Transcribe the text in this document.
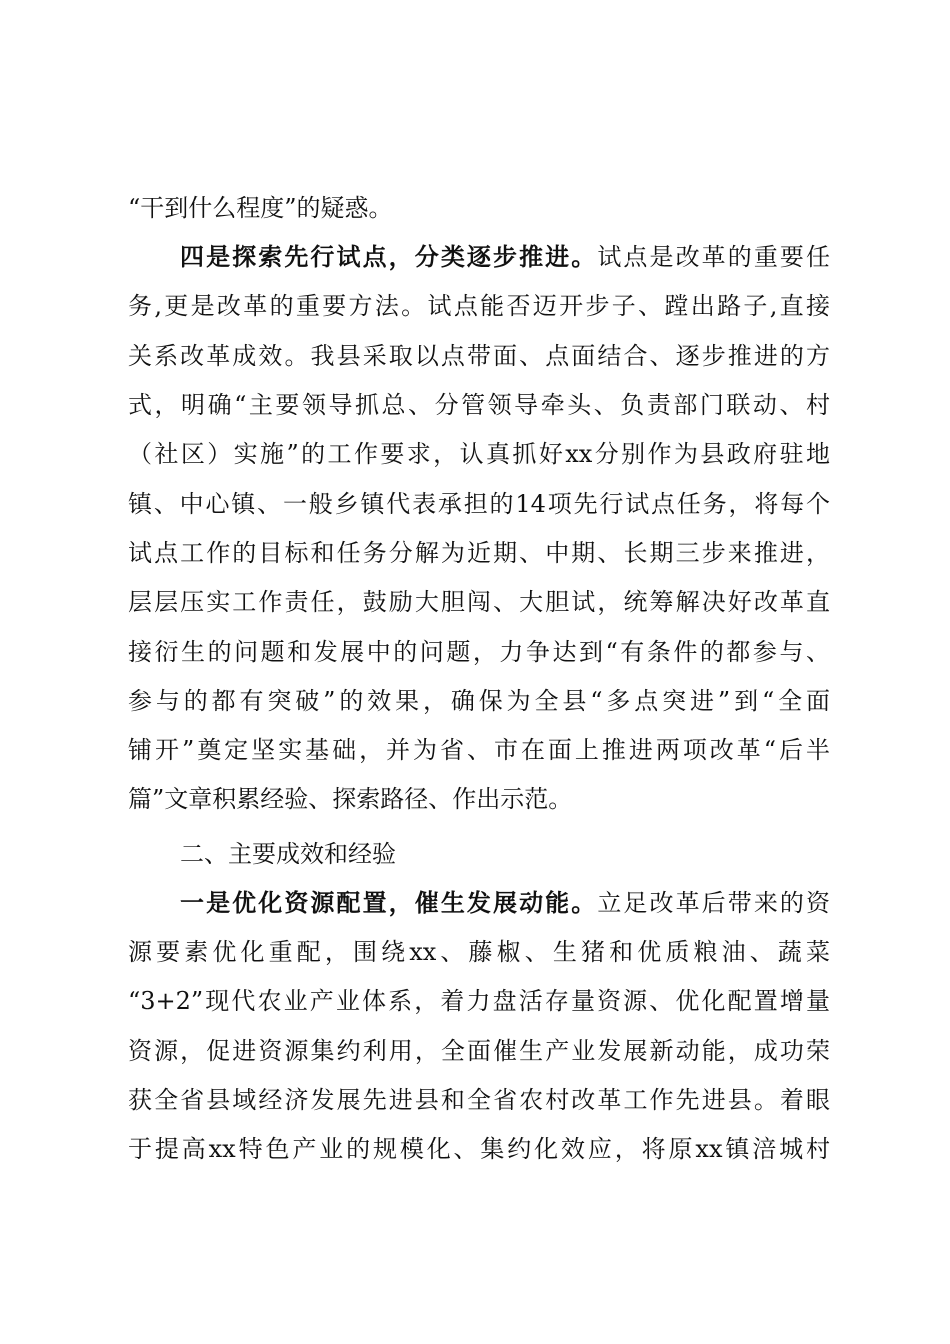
“干到什么程度”的疑惑。
四是探索先行试点，分类逐步推进。试点是改革的重要任
务,更是改革的重要方法。试点能否迈开步子、蹚出路子,直接
关系改革成效。我县采取以点带面、点面结合、逐步推进的方
式，明确“主要领导抓总、分管领导牵头、负责部门联动、村
（社区）实施”的工作要求，认真抓好xx分别作为县政府驻地
镇、中心镇、一般乡镇代表承担的14项先行试点任务，将每个
试点工作的目标和任务分解为近期、中期、长期三步来推进，
层层压实工作责任，鼓励大胆闯、大胆试，统筹解决好改革直
接衍生的问题和发展中的问题，力争达到“有条件的都参与、
参与的都有突破”的效果，确保为全县“多点突进”到“全面
铺开”奠定坚实基础，并为省、市在面上推进两项改革“后半
篇”文章积累经验、探索路径、作出示范。
二、主要成效和经验
一是优化资源配置，催生发展动能。立足改革后带来的资
源要素优化重配，围绕xx、藤椒、生猪和优质粮油、蔬菜
“3+2”现代农业产业体系，着力盘活存量资源、优化配置增量
资源，促进资源集约利用，全面催生产业发展新动能，成功荣
获全省县域经济发展先进县和全省农村改革工作先进县。着眼
于提高xx特色产业的规模化、集约化效应，将原xx镇涪城村
